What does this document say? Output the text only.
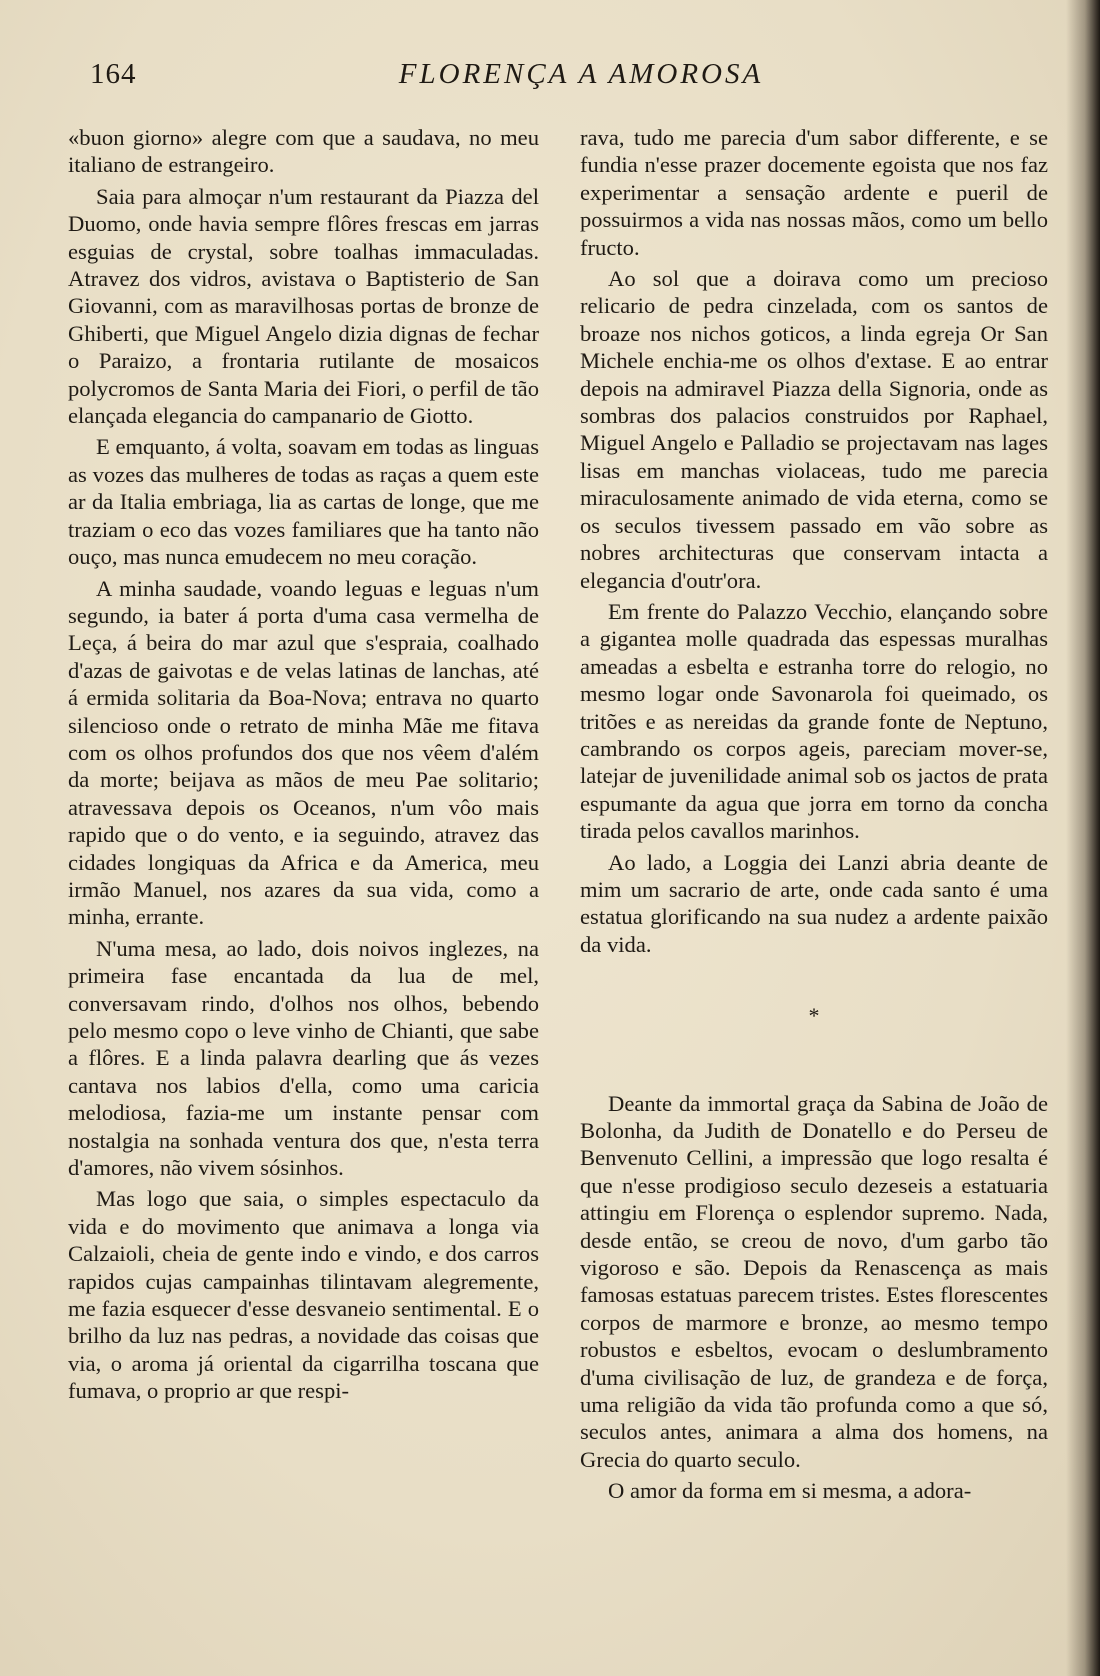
164	FLORENÇA A AMOROSA

«buon giorno» alegre com que a saudava, no meu italiano de estrangeiro.

Saia para almoçar n'um restaurant da Piazza del Duomo, onde havia sempre flôres frescas em jarras esguias de crystal, sobre toalhas immaculadas. Atravez dos vidros, avistava o Baptisterio de San Giovanni, com as maravilhosas portas de bronze de Ghiberti, que Miguel Angelo dizia dignas de fechar o Paraizo, a frontaria rutilante de mosaicos polycromos de Santa Maria dei Fiori, o perfil de tão elançada elegancia do campanario de Giotto.

E emquanto, á volta, soavam em todas as linguas as vozes das mulheres de todas as raças a quem este ar da Italia embriaga, lia as cartas de longe, que me traziam o eco das vozes familiares que ha tanto não ouço, mas nunca emudecem no meu coração.

A minha saudade, voando leguas e leguas n'um segundo, ia bater á porta d'uma casa vermelha de Leça, á beira do mar azul que s'espraia, coalhado d'azas de gaivotas e de velas latinas de lanchas, até á ermida solitaria da Boa-Nova; entrava no quarto silencioso onde o retrato de minha Mãe me fitava com os olhos profundos dos que nos vêem d'além da morte; beijava as mãos de meu Pae solitario; atravessava depois os Oceanos, n'um vôo mais rapido que o do vento, e ia seguindo, atravez das cidades longiquas da Africa e da America, meu irmão Manuel, nos azares da sua vida, como a minha, errante.

N'uma mesa, ao lado, dois noivos inglezes, na primeira fase encantada da lua de mel, conversavam rindo, d'olhos nos olhos, bebendo pelo mesmo copo o leve vinho de Chianti, que sabe a flôres. E a linda palavra dearling que ás vezes cantava nos labios d'ella, como uma caricia melodiosa, fazia-me um instante pensar com nostalgia na sonhada ventura dos que, n'esta terra d'amores, não vivem sósinhos.

Mas logo que saia, o simples espectaculo da vida e do movimento que animava a longa via Calzaioli, cheia de gente indo e vindo, e dos carros rapidos cujas campainhas tilintavam alegremente, me fazia esquecer d'esse desvaneio sentimental. E o brilho da luz nas pedras, a novidade das coisas que via, o aroma já oriental da cigarrilha toscana que fumava, o proprio ar que respi-

rava, tudo me parecia d'um sabor differente, e se fundia n'esse prazer docemente egoista que nos faz experimentar a sensação ardente e pueril de possuirmos a vida nas nossas mãos, como um bello fructo.

Ao sol que a doirava como um precioso relicario de pedra cinzelada, com os santos de broaze nos nichos goticos, a linda egreja Or San Michele enchia-me os olhos d'extase. E ao entrar depois na admiravel Piazza della Signoria, onde as sombras dos palacios construidos por Raphael, Miguel Angelo e Palladio se projectavam nas lages lisas em manchas violaceas, tudo me parecia miraculosamente animado de vida eterna, como se os seculos tivessem passado em vão sobre as nobres architecturas que conservam intacta a elegancia d'outr'ora.

Em frente do Palazzo Vecchio, elançando sobre a gigantea molle quadrada das espessas muralhas ameadas a esbelta e estranha torre do relogio, no mesmo logar onde Savonarola foi queimado, os tritões e as nereidas da grande fonte de Neptuno, cambrando os corpos ageis, pareciam mover-se, latejar de juvenilidade animal sob os jactos de prata espumante da agua que jorra em torno da concha tirada pelos cavallos marinhos.

Ao lado, a Loggia dei Lanzi abria deante de mim um sacrario de arte, onde cada santo é uma estatua glorificando na sua nudez a ardente paixão da vida.

*

Deante da immortal graça da Sabina de João de Bolonha, da Judith de Donatello e do Perseu de Benvenuto Cellini, a impressão que logo resalta é que n'esse prodigioso seculo dezeseis a estatuaria attingiu em Florença o esplendor supremo. Nada, desde então, se creou de novo, d'um garbo tão vigoroso e são. Depois da Renascença as mais famosas estatuas parecem tristes. Estes florescentes corpos de marmore e bronze, ao mesmo tempo robustos e esbeltos, evocam o deslumbramento d'uma civilisação de luz, de grandeza e de força, uma religião da vida tão profunda como a que só, seculos antes, animara a alma dos homens, na Grecia do quarto seculo.

O amor da forma em si mesma, a adora-
